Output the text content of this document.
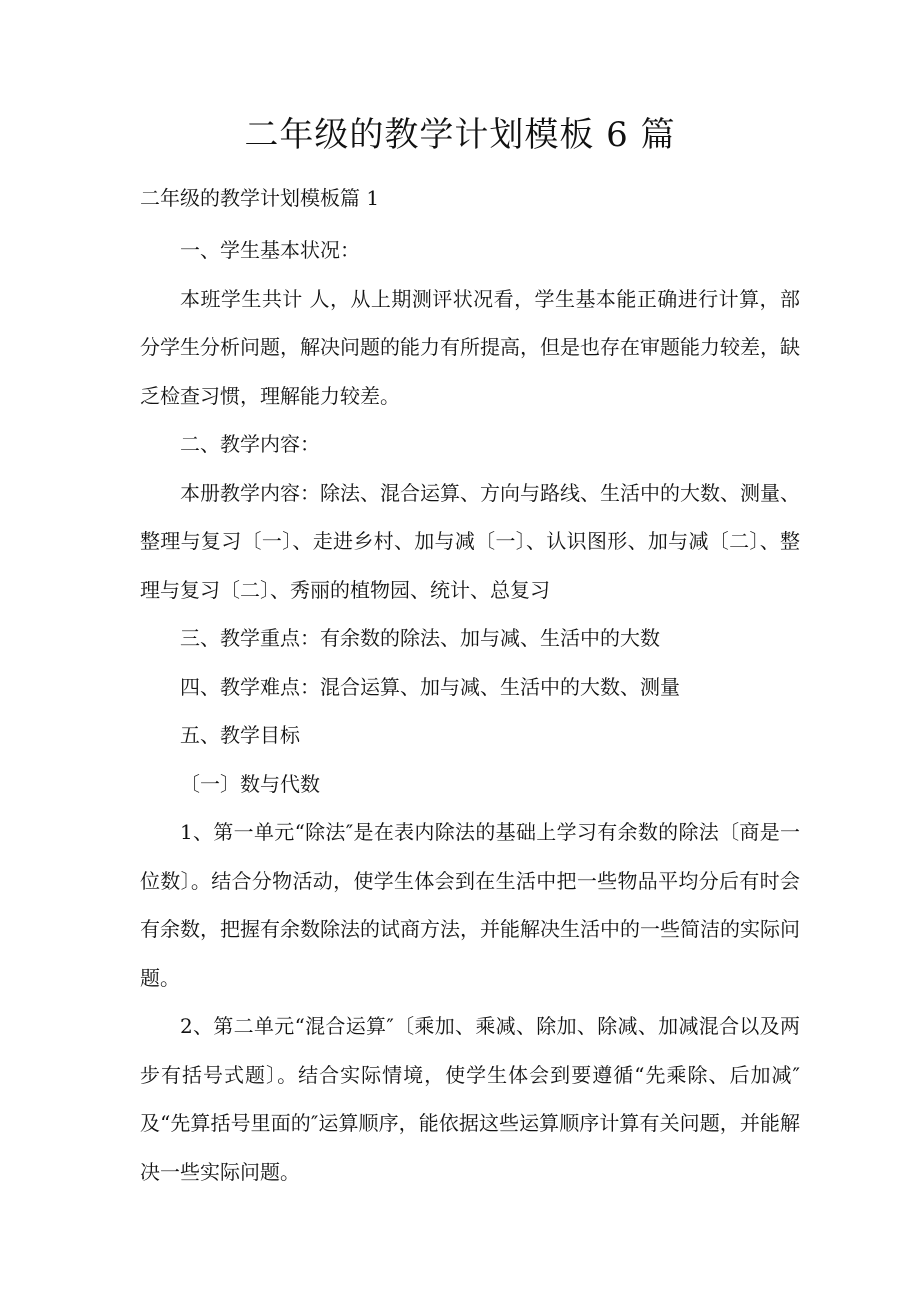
二年级的教学计划模板 6 篇
二年级的教学计划模板篇 1

一、学生基本状况：

本班学生共计 人，从上期测评状况看，学生基本能正确进行计算，部分学生分析问题，解决问题的能力有所提高，但是也存在审题能力较差，缺乏检查习惯，理解能力较差。

二、教学内容：

本册教学内容：除法、混合运算、方向与路线、生活中的大数、测量、整理与复习〔一〕、走进乡村、加与减〔一〕、认识图形、加与减〔二〕、整理与复习〔二〕、秀丽的植物园、统计、总复习

三、教学重点：有余数的除法、加与减、生活中的大数

四、教学难点：混合运算、加与减、生活中的大数、测量

五、教学目标

〔一〕数与代数

1、第一单元“除法″是在表内除法的基础上学习有余数的除法〔商是一位数〕。结合分物活动，使学生体会到在生活中把一些物品平均分后有时会有余数，把握有余数除法的试商方法，并能解决生活中的一些简洁的实际问题。

2、第二单元“混合运算″〔乘加、乘减、除加、除减、加减混合以及两步有括号式题〕。结合实际情境，使学生体会到要遵循“先乘除、后加减″及“先算括号里面的″运算顺序，能依据这些运算顺序计算有关问题，并能解决一些实际问题。
